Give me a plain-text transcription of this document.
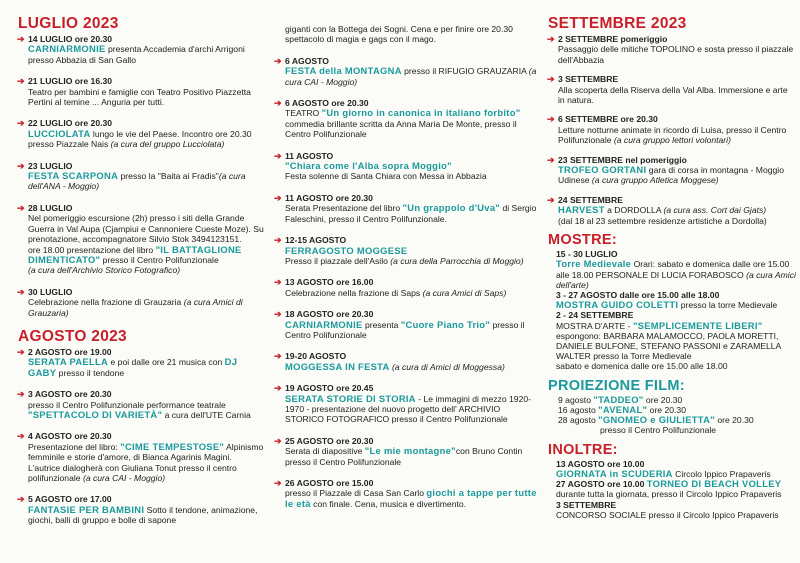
LUGLIO 2023
➔ 14 LUGLIO ore 20.30
CARNIARMONIE presenta Accademia d'archi Arrigoni presso Abbazia di San Gallo
➔ 21 LUGLIO ore 16.30
Teatro per bambini e famiglie con Teatro Positivo Piazzetta Pertini al temine ... Anguria per tutti.
➔ 22 LUGLIO ore 20.30
LUCCIOLATA lungo le vie del Paese. Incontro ore 20.30 presso Piazzale Nais (a cura del gruppo Lucciolata)
➔ 23 LUGLIO
FESTA SCARPONA presso la "Baita ai Fradis"(a cura dell'ANA - Moggio)
➔ 28 LUGLIO
Nel pomeriggio escursione (2h) presso i siti della Grande Guerra in Val Aupa (Cjampiui e Cannoniere Cueste Moze). Su prenotazione, accompagnatore Silvio Stok 3494123151.
ore 18.00 presentazione del libro "IL BATTAGLIONE DIMENTICATO" presso il Centro Polifunzionale
(a cura dell'Archivio Storico Fotografico)
➔ 30 LUGLIO
Celebrazione nella frazione di Grauzaria (a cura Amici di Grauzaria)
AGOSTO 2023
➔ 2 AGOSTO ore 19.00
SERATA PAELLA e poi dalle ore 21 musica con DJ GABY presso il tendone
➔ 3 AGOSTO ore 20.30
presso il Centro Polifunzionale performance teatrale "SPETTACOLO DI VARIETÀ" a cura dell'UTE Carnia
➔ 4 AGOSTO ore 20.30
Presentazione del libro: "CIME TEMPESTOSE" Alpinismo femminile e storie d'amore, di Bianca Agarinis Magini. L'autrice dialogherà con Giuliana Tonut presso il centro polifunzionale (a cura CAI - Moggio)
➔ 5 AGOSTO ore 17.00
FANTASIE PER BAMBINI Sotto il tendone, animazione, giochi, balli di gruppo e bolle di sapone
giganti con la Bottega dei Sogni. Cena e per finire ore 20.30 spettacolo di magia e gags con il mago.
➔ 6 AGOSTO
FESTA della MONTAGNA presso il RIFUGIO GRAUZARIA (a cura CAI - Moggio)
➔ 6 AGOSTO ore 20.30
TEATRO "Un giorno in canonica in italiano forbito" commedia brillante scritta da Anna Maria De Monte, presso il Centro Polifunzionale
➔ 11 AGOSTO
"Chiara come l'Alba sopra Moggio"
Festa solenne di Santa Chiara con Messa in Abbazia
➔ 11 AGOSTO ore 20.30
Serata Presentazione del libro "Un grappolo d'Uva" di Sergio Faleschini, presso il Centro Polifunzionale.
➔ 12-15 AGOSTO
FERRAGOSTO MOGGESE
Presso il piazzale dell'Asilo (a cura della Parrocchia di Moggio)
➔ 13 AGOSTO ore 16.00
Celebrazione nella frazione di Saps (a cura Amici di Saps)
➔ 18 AGOSTO ore 20.30
CARNIARMONIE presenta "Cuore Piano Trio" presso il Centro Polifunzionale
➔ 19-20 AGOSTO
MOGGESSA IN FESTA (a cura di Amici di Moggessa)
➔ 19 AGOSTO ore 20.45
SERATA STORIE DI STORIA - Le immagini di mezzo 1920-1970 - presentazione del nuovo progetto dell' ARCHIVIO STORICO FOTOGRAFICO presso il Centro Polifunzionale
➔ 25 AGOSTO ore 20.30
Serata di diapositive "Le mie montagne"con Bruno Contin presso il Centro Polifunzionale
➔ 26 AGOSTO ore 15.00
presso il Piazzale di Casa San Carlo giochi a tappe per tutte le età con finale. Cena, musica e divertimento.
SETTEMBRE 2023
➔ 2 SETTEMBRE pomeriggio
Passaggio delle mitiche TOPOLINO e sosta presso il piazzale dell'Abbazia
➔ 3 SETTEMBRE
Alla scoperta della Riserva della Val Alba. Immersione e arte in natura.
➔ 6 SETTEMBRE ore 20.30
Letture notturne animate in ricordo di Luisa, presso il Centro Polifunzionale (a cura gruppo lettori volontari)
➔ 23 SETTEMBRE nel pomeriggio
TROFEO GORTANI gara di corsa in montagna - Moggio Udinese (a cura gruppo Atletica Moggese)
➔ 24 SETTEMBRE
HARVEST a DORDOLLA (a cura ass. Cort dai Gjats)
(dal 18 al 23 settembre residenze artistiche a Dordolla)
MOSTRE:
15 - 30 LUGLIO
Torre Medievale Orari: sabato e domenica dalle ore 15.00 alle 18.00 PERSONALE DI LUCIA FORABOSCO (a cura Amici dell'arte)
3 - 27 AGOSTO dalle ore 15.00 alle 18.00
MOSTRA GUIDO COLETTI presso la torre Medievale
2 - 24 SETTEMBRE
MOSTRA D'ARTE - "SEMPLICEMENTE LIBERI" espongono: BARBARA MALAMOCCO, PAOLA MORETTI, DANIELE BULFONE, STEFANO PASSONI e ZARAMELLA WALTER presso la Torre Medievale
sabato e domenica dalle ore 15.00 alle 18.00
PROIEZIONE FILM:
9 agosto "TADDEO" ore 20.30
16 agosto "AVENAL" ore 20.30
28 agosto "GNOMEO e GIULIETTA" ore 20.30
presso il Centro Polifunzionale
INOLTRE:
13 AGOSTO ore 10.00
GIORNATA in SCUDERIA Circolo Ippico Prapaveris
27 AGOSTO ore 10.00 TORNEO DI BEACH VOLLEY durante tutta la giornata, presso il Circolo Ippico Prapaveris
3 SETTEMBRE
CONCORSO SOCIALE presso il Circolo Ippico Prapaveris
